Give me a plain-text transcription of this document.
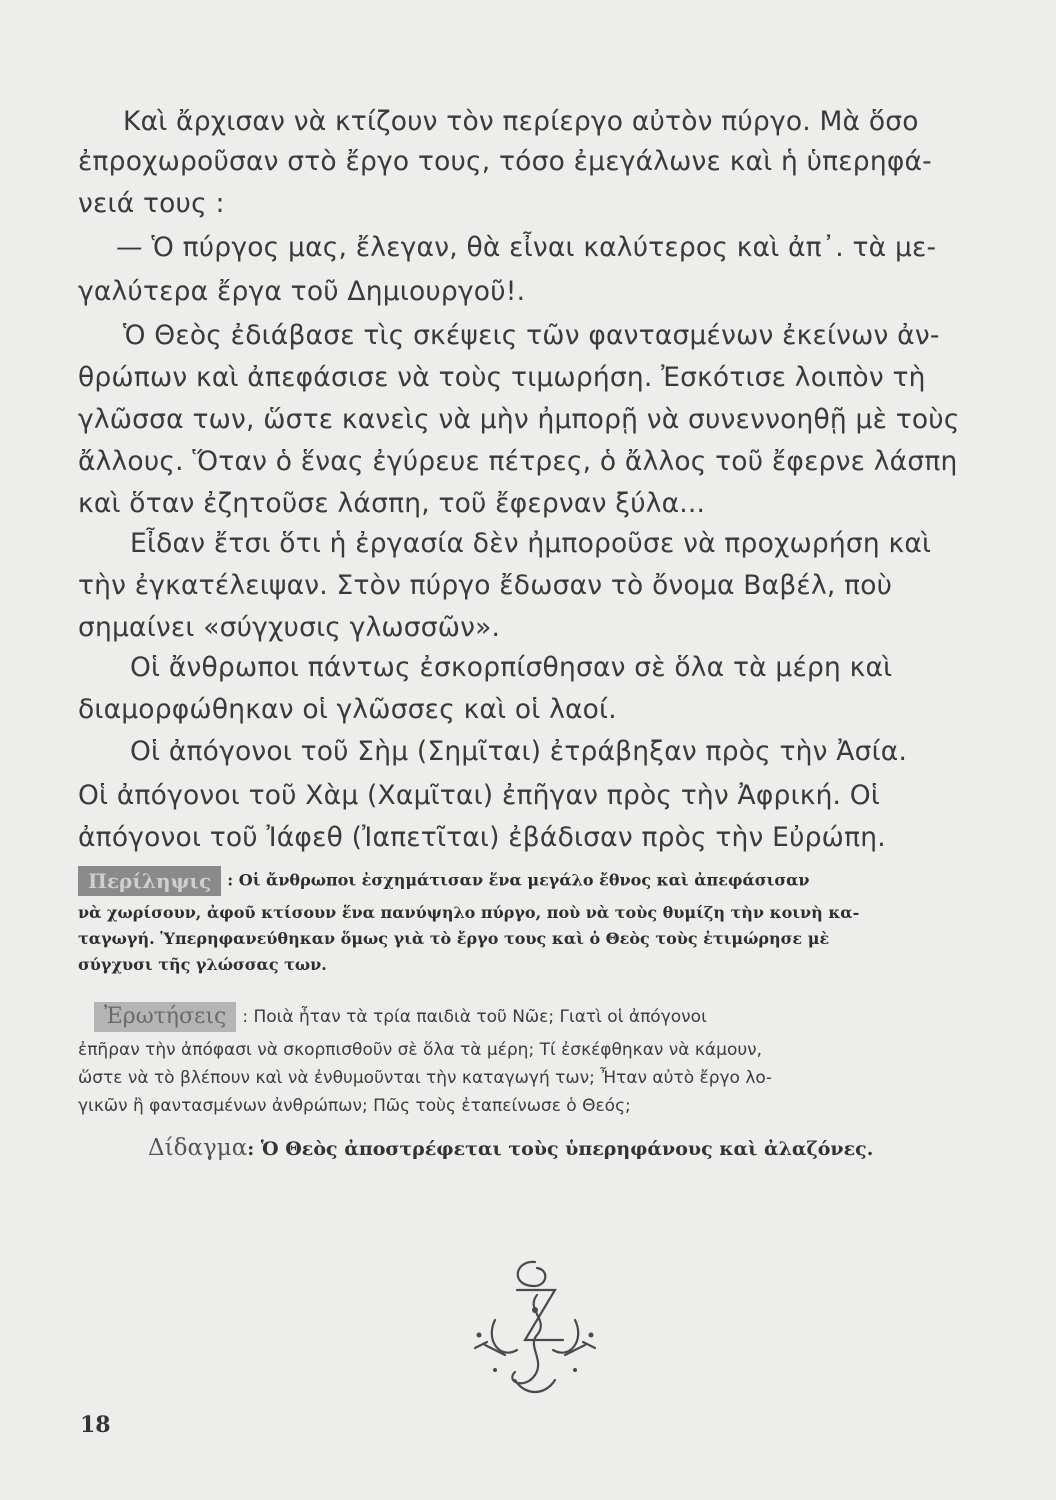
Καὶ ἄρχισαν νὰ κτίζουν τὸν περίεργο αὐτὸν πύργο. Μὰ ὅσο

ἐπροχωροῦσαν στὸ ἔργο τους, τόσο ἐμεγάλωνε καὶ ἡ ὑπερηφά-

νειά τους :

— Ὁ πύργος μας, ἔλεγαν, θὰ εἶναι καλύτερος καὶ ἀπ᾽. τὰ με-

γαλύτερα ἔργα τοῦ Δημιουργοῦ!.

Ὁ Θεὸς ἐδιάβασε τὶς σκέψεις τῶν φαντασμένων ἐκείνων ἀν-

θρώπων καὶ ἀπεφάσισε νὰ τοὺς τιμωρήση. Ἐσκότισε λοιπὸν τὴ

γλῶσσα των, ὥστε κανεὶς νὰ μὴν ἠμπορῇ νὰ συνεννοηθῇ μὲ τοὺς

ἄλλους. Ὅταν ὁ ἕνας ἐγύρευε πέτρες, ὁ ἄλλος τοῦ ἔφερνε λάσπη

καὶ ὅταν ἐζητοῦσε λάσπη, τοῦ ἔφερναν ξύλα...

Εἶδαν ἔτσι ὅτι ἡ ἐργασία δὲν ἠμποροῦσε νὰ προχωρήση καὶ

τὴν ἐγκατέλειψαν. Στὸν πύργο ἔδωσαν τὸ ὄνομα Βαβέλ, ποὺ

σημαίνει «σύγχυσις γλωσσῶν».

Οἱ ἄνθρωποι πάντως ἐσκορπίσθησαν σὲ ὅλα τὰ μέρη καὶ

διαμορφώθηκαν οἱ γλῶσσες καὶ οἱ λαοί.

Οἱ ἀπόγονοι τοῦ Σὴμ (Σημῖται) ἐτράβηξαν πρὸς τὴν Ἀσία.

Οἱ ἀπόγονοι τοῦ Χὰμ (Χαμῖται) ἐπῆγαν πρὸς τὴν Ἀφρική. Οἱ

ἀπόγονοι τοῦ Ἰάφεθ (Ἰαπετῖται) ἐβάδισαν πρὸς τὴν Εὐρώπη.

Περίληψις : Οἱ ἄνθρωποι ἐσχημάτισαν ἕνα μεγάλο ἔθνος καὶ ἀπεφάσισαν

νὰ χωρίσουν, ἀφοῦ κτίσουν ἕνα πανύψηλο πύργο, ποὺ νὰ τοὺς θυμίζη τὴν κοινὴ κα-

ταγωγή. Ὑπερηφανεύθηκαν ὅμως γιὰ τὸ ἔργο τους καὶ ὁ Θεὸς τοὺς ἐτιμώρησε μὲ

σύγχυσι τῆς γλώσσας των.

Ἐρωτήσεις : Ποιὰ ἦταν τὰ τρία παιδιὰ τοῦ Νῶε; Γιατὶ οἱ ἀπόγονοι

ἐπῆραν τὴν ἀπόφασι νὰ σκορπισθοῦν σὲ ὅλα τὰ μέρη; Τί ἐσκέφθηκαν νὰ κάμουν,

ὥστε νὰ τὸ βλέπουν καὶ νὰ ἐνθυμοῦνται τὴν καταγωγή των; Ἦταν αὐτὸ ἔργο λο-

γικῶν ἢ φαντασμένων ἀνθρώπων; Πῶς τοὺς ἐταπείνωσε ὁ Θεός;

Δίδαγμα: Ὁ Θεὸς ἀποστρέφεται τοὺς ὑπερηφάνους καὶ ἀλαζόνες.

18
